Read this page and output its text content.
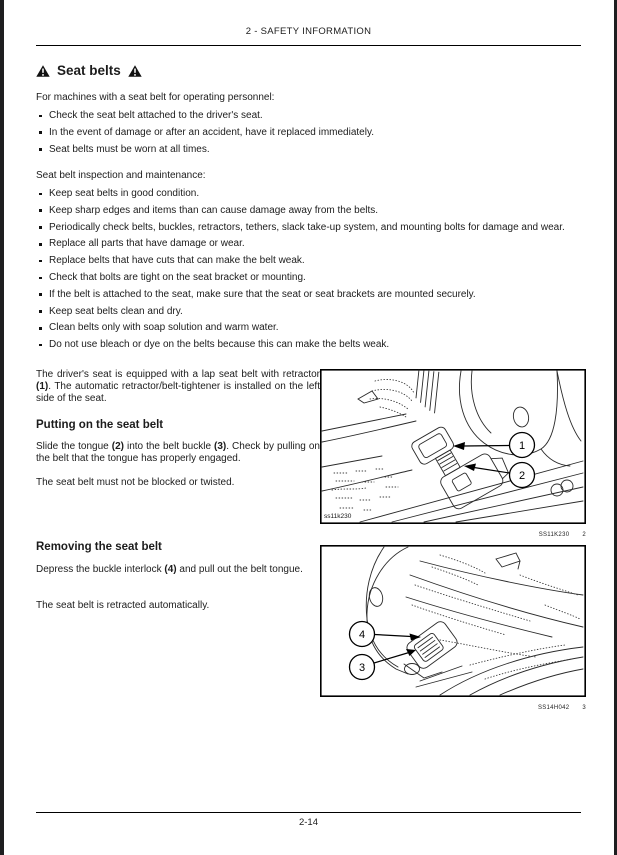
2 - SAFETY INFORMATION
Seat belts
For machines with a seat belt for operating personnel:
Check the seat belt attached to the driver's seat.
In the event of damage or after an accident, have it replaced immediately.
Seat belts must be worn at all times.
Seat belt inspection and maintenance:
Keep seat belts in good condition.
Keep sharp edges and items than can cause damage away from the belts.
Periodically check belts, buckles, retractors, tethers, slack take-up system, and mounting bolts for damage and wear.
Replace all parts that have damage or wear.
Replace belts that have cuts that can make the belt weak.
Check that bolts are tight on the seat bracket or mounting.
If the belt is attached to the seat, make sure that the seat or seat brackets are mounted securely.
Keep seat belts clean and dry.
Clean belts only with soap solution and warm water.
Do not use bleach or dye on the belts because this can make the belts weak.
The driver's seat is equipped with a lap seat belt with retractor (1). The automatic retractor/belt-tightener is installed on the left side of the seat.
Putting on the seat belt
Slide the tongue (2) into the belt buckle (3). Check by pulling on the belt that the tongue has properly engaged.
The seat belt must not be blocked or twisted.
Removing the seat belt
Depress the buckle interlock (4) and pull out the belt tongue.
The seat belt is retracted automatically.
1
2
ss11k230
SS11K230 2
4
3
SS14H042 3
2-14
